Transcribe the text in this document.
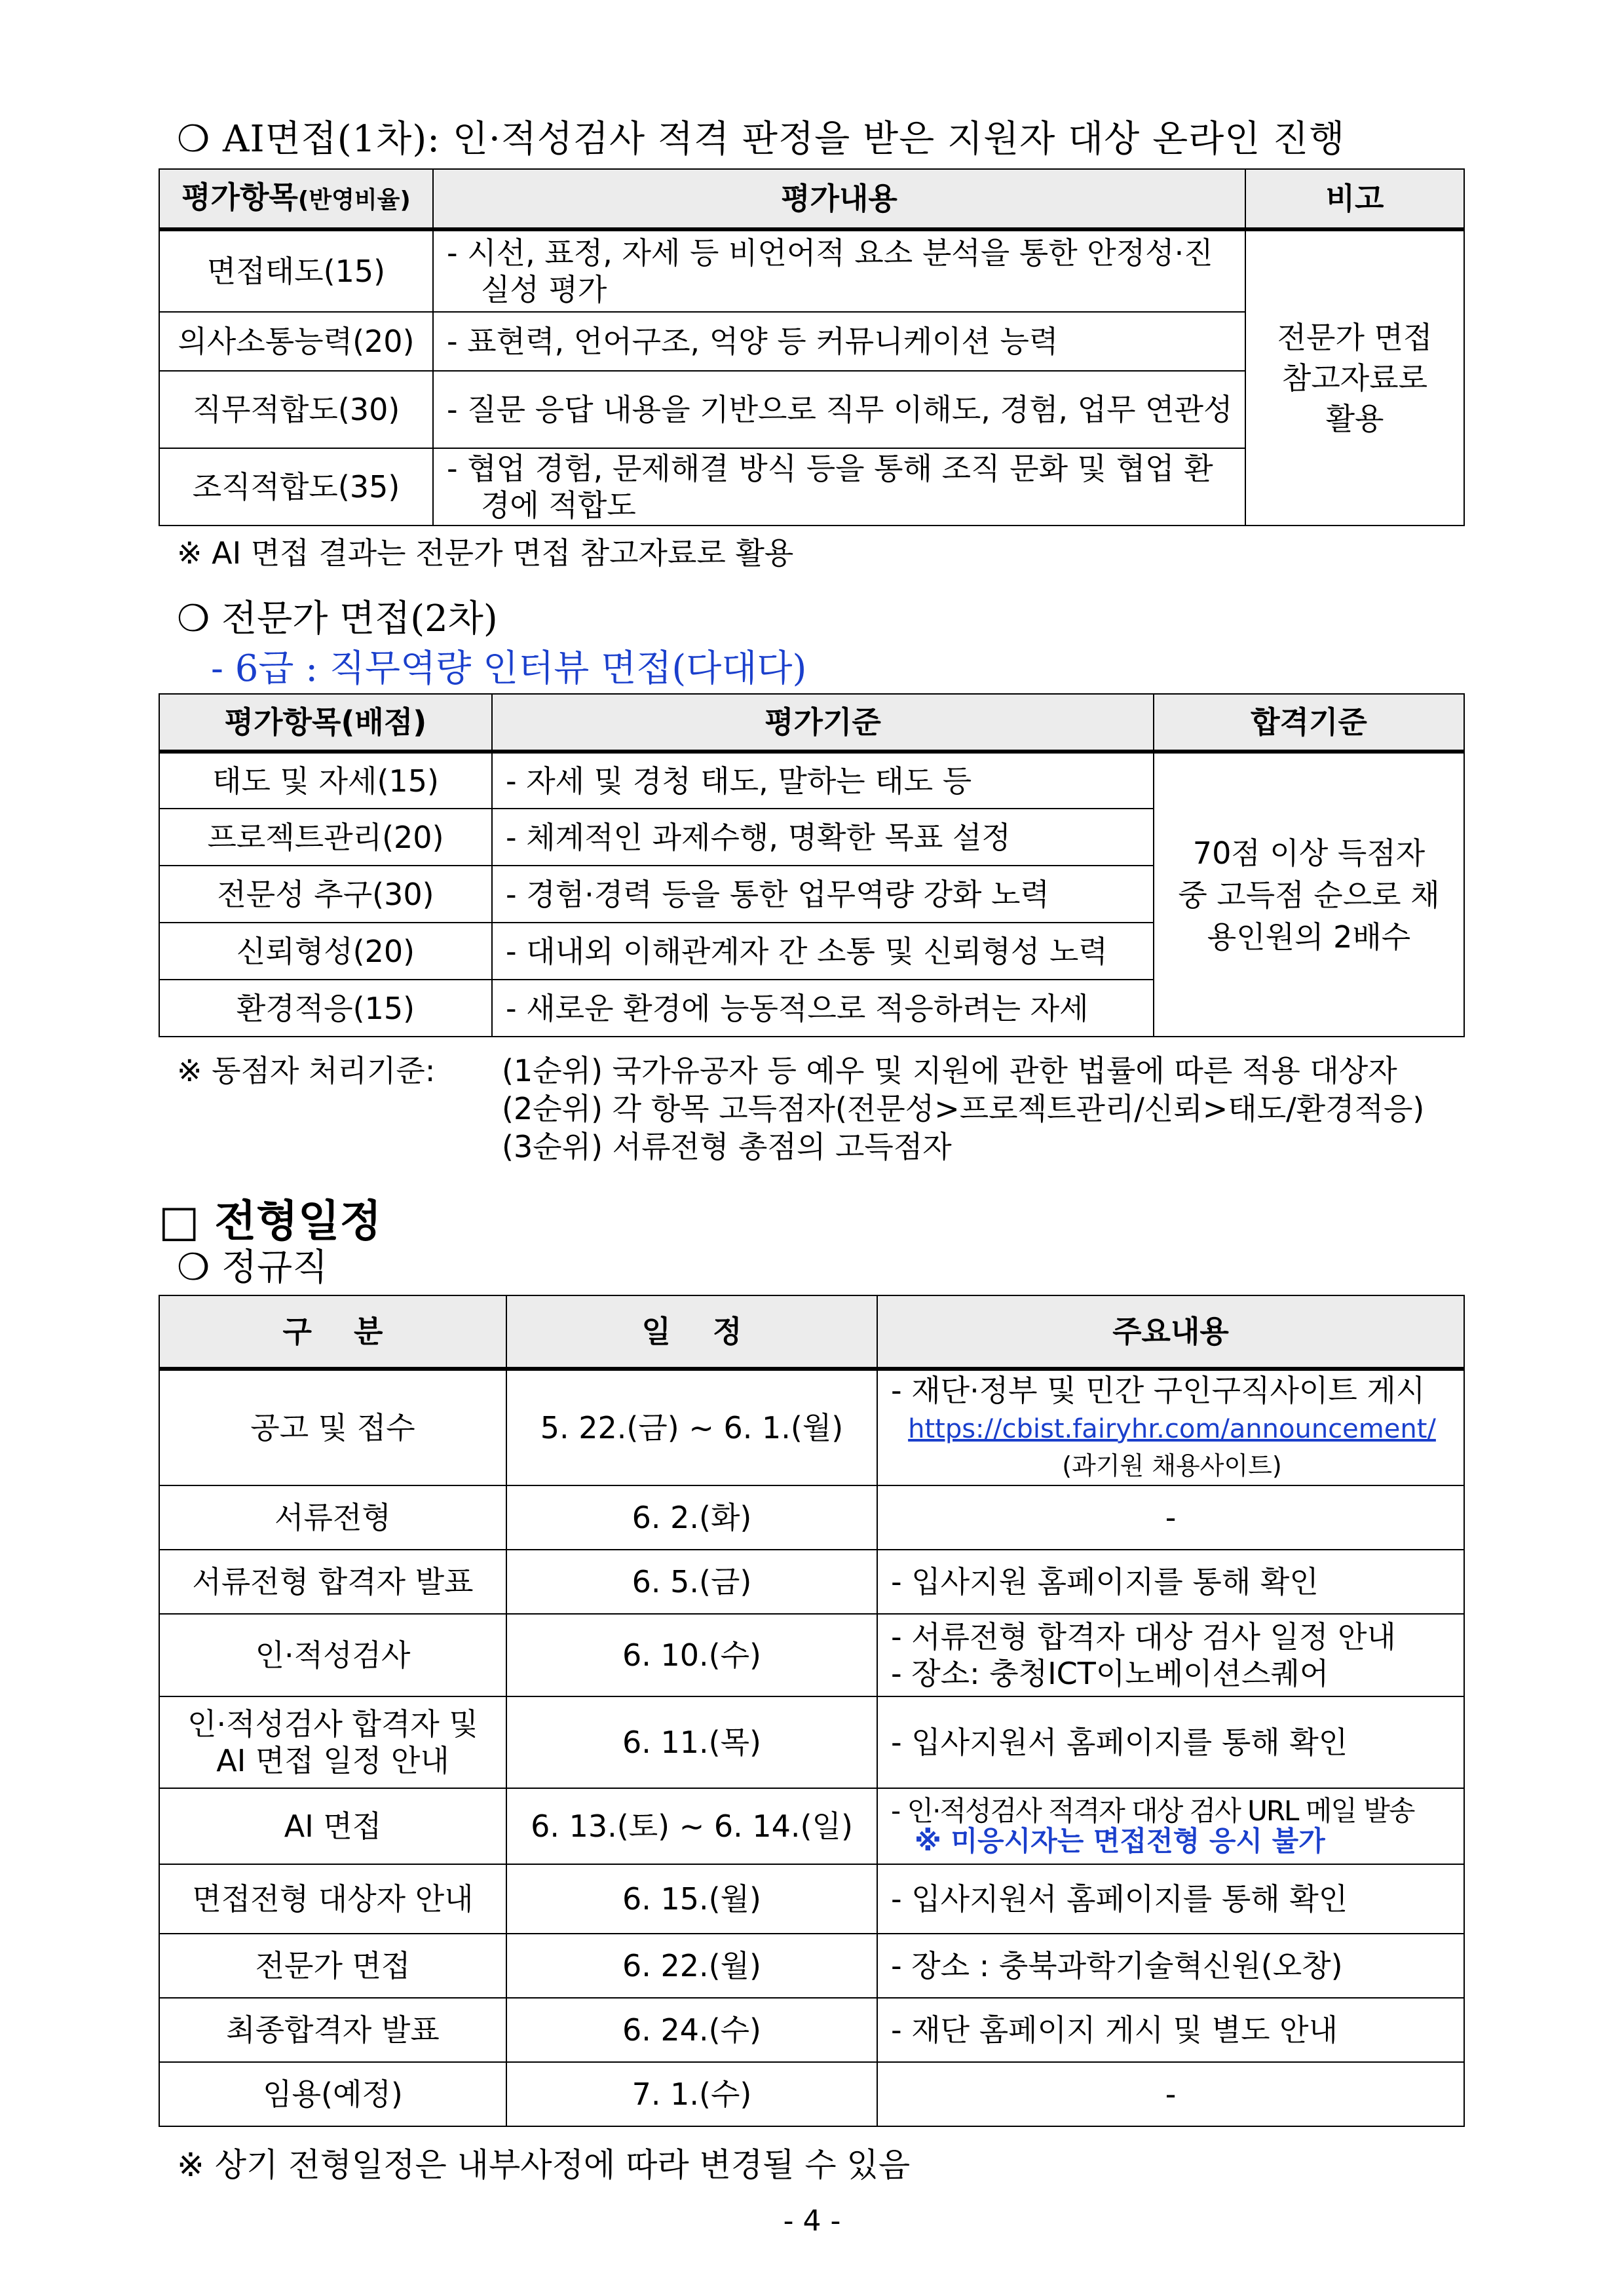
❍ AI면접(1차): 인·적성검사 적격 판정을 받은 지원자 대상 온라인 진행
평가항목(반영비율)	평가내용	비고
면접태도(15)	- 시선, 표정, 자세 등 비언어적 요소 분석을 통한 안정성·진실성 평가	전문가 면접 참고자료로 활용
의사소통능력(20)	- 표현력, 언어구조, 억양 등 커뮤니케이션 능력	

직무적합도(30)	- 질문 응답 내용을 기반으로 직무 이해도, 경험, 업무 연관성	

조직적합도(35)	- 협업 경험, 문제해결 방식 등을 통해 조직 문화 및 협업 환경에 적합도	
※ AI 면접 결과는 전문가 면접 참고자료로 활용
❍ 전문가 면접(2차)
- 6급 : 직무역량 인터뷰 면접(다대다)
평가항목(배점)	평가기준	합격기준
태도 및 자세(15)	- 자세 및 경청 태도, 말하는 태도 등	70점 이상 득점자 중 고득점 순으로 채용인원의 2배수
프로젝트관리(20)	- 체계적인 과제수행, 명확한 목표 설정	
전문성 추구(30)	- 경험·경력 등을 통한 업무역량 강화 노력	
신뢰형성(20)	- 대내외 이해관계자 간 소통 및 신뢰형성 노력	
환경적응(15)	- 새로운 환경에 능동적으로 적응하려는 자세	
※ 동점자 처리기준: (1순위) 국가유공자 등 예우 및 지원에 관한 법률에 따른 적용 대상자
(2순위) 각 항목 고득점자(전문성>프로젝트관리/신뢰>태도/환경적응)
(3순위) 서류전형 총점의 고득점자
□ 전형일정
❍ 정규직
구    분	일    정	주요내용
공고 및 접수	5. 22.(금) ~ 6. 1.(월)	- 재단·정부 및 민간 구인구직사이트 게시
https://cbist.fairyhr.com/announcement/
(과기원 채용사이트)

서류전형	6. 2.(화)	-
서류전형 합격자 발표	6. 5.(금)	- 입사지원 홈페이지를 통해 확인
인·적성검사	6. 10.(수)	- 서류전형 합격자 대상 검사 일정 안내
- 장소: 충청ICT이노베이션스퀘어

인·적성검사 합격자 및 AI 면접 일정 안내	6. 11.(목)	- 입사지원서 홈페이지를 통해 확인
AI 면접	6. 13.(토) ~ 6. 14.(일)	- 인·적성검사 적격자 대상 검사 URL 메일 발송
※ 미응시자는 면접전형 응시 불가

면접전형 대상자 안내	6. 15.(월)	- 입사지원서 홈페이지를 통해 확인
전문가 면접	6. 22.(월)	- 장소 : 충북과학기술혁신원(오창)
최종합격자 발표	6. 24.(수)	- 재단 홈페이지 게시 및 별도 안내
임용(예정)	7. 1.(수)	-
※ 상기 전형일정은 내부사정에 따라 변경될 수 있음
- 4 -
